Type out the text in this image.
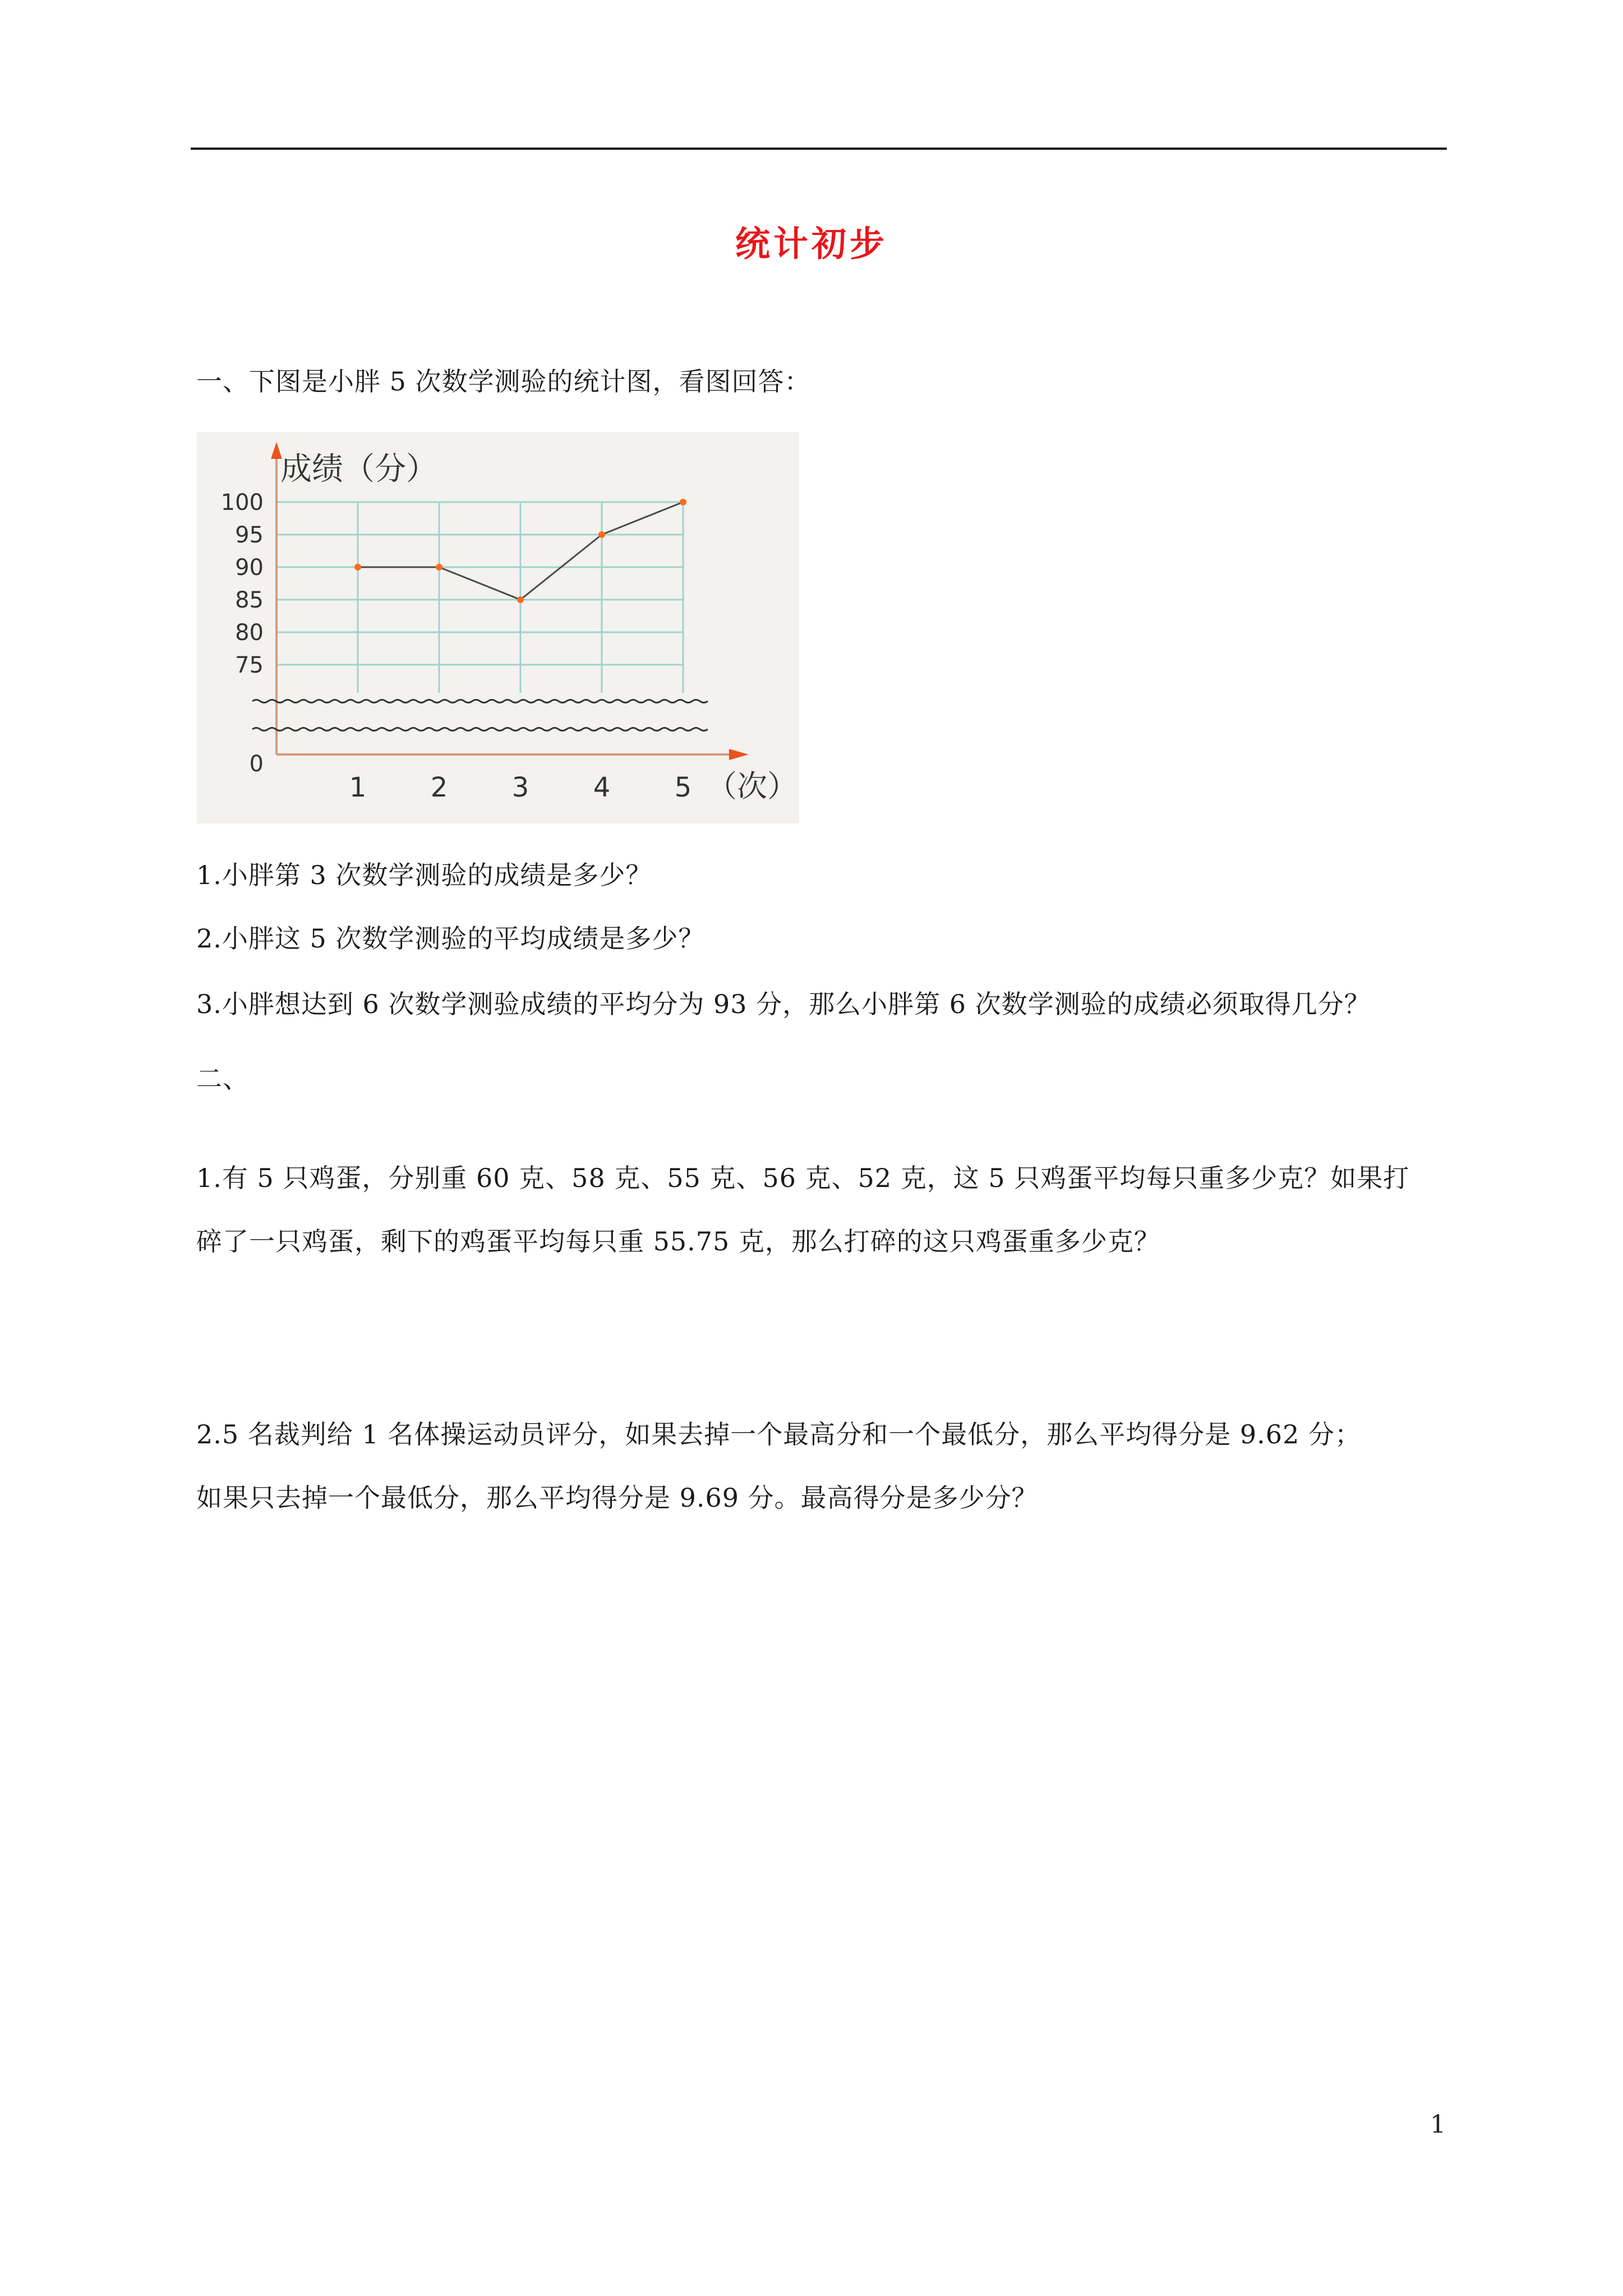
统计初步
一、下图是小胖 5 次数学测验的统计图，看图回答：
成绩（分）
（次）
100
95
90
85
80
75
0
1 2 3 4 5
1.小胖第 3 次数学测验的成绩是多少？
2.小胖这 5 次数学测验的平均成绩是多少？
3.小胖想达到 6 次数学测验成绩的平均分为 93 分，那么小胖第 6 次数学测验的成绩必须取得几分？
二、
1.有 5 只鸡蛋，分别重 60 克、58 克、55 克、56 克、52 克，这 5 只鸡蛋平均每只重多少克？如果打
碎了一只鸡蛋，剩下的鸡蛋平均每只重 55.75 克，那么打碎的这只鸡蛋重多少克？
2.5 名裁判给 1 名体操运动员评分，如果去掉一个最高分和一个最低分，那么平均得分是 9.62 分；
如果只去掉一个最低分，那么平均得分是 9.69 分。最高得分是多少分？
1
